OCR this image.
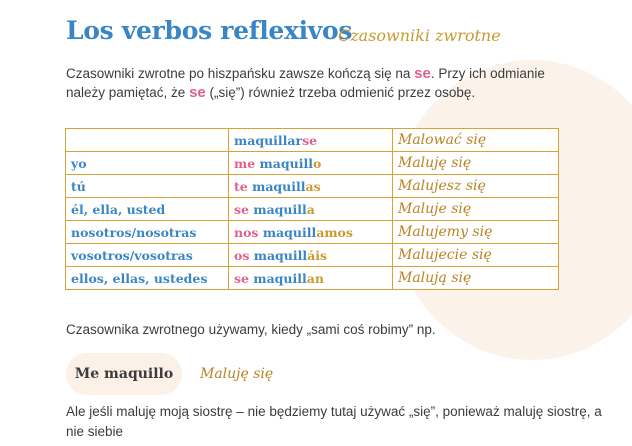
Los verbos reflexivos
Czasowniki zwrotne
Czasowniki zwrotne po hiszpańsku zawsze kończą się na se. Przy ich odmianie należy pamiętać, że se („się”) również trzeba odmienić przez osobę.
	maquillarse	Malować się
yo	me maquillo	Maluję się
tú	te maquillas	Malujesz się
él, ella, usted	se maquilla	Maluje się
nosotros/nosotras	nos maquillamos	Malujemy się
vosotros/vosotras	os maquilláis	Malujecie się
ellos, ellas, ustedes	se maquillan	Malują się
Czasownika zwrotnego używamy, kiedy „sami coś robimy” np.
Me maquillo	Maluję się
Ale jeśli maluję moją siostrę – nie będziemy tutaj używać „się”, ponieważ maluję siostrę, a nie siebie
